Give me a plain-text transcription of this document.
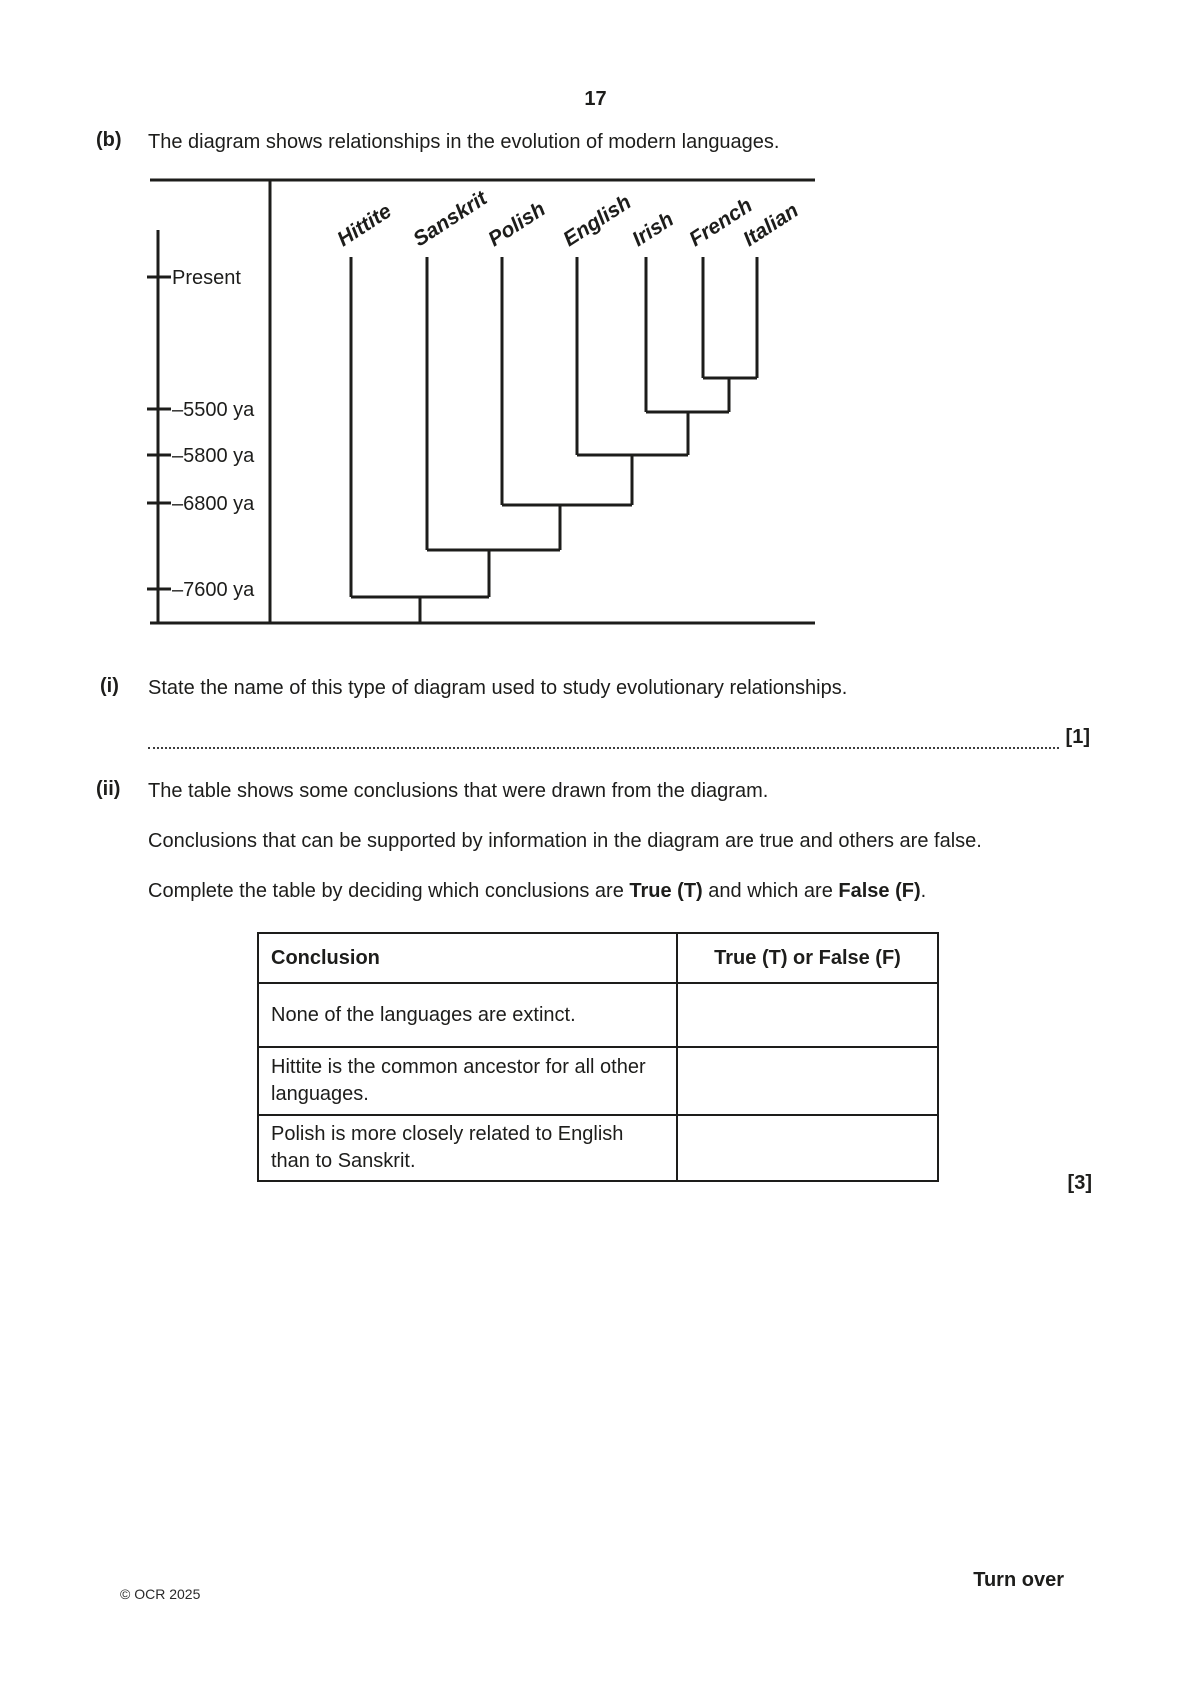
17
(b) The diagram shows relationships in the evolution of modern languages.
Hittite Sanskrit
Polish English
Irish French
Italian
Present
–5500 ya
–5800 ya
–6800 ya
–7600 ya
(i) State the name of this type of diagram used to study evolutionary relationships.
[1]
(ii) The table shows some conclusions that were drawn from the diagram.
Conclusions that can be supported by information in the diagram are true and others are false.
Complete the table by deciding which conclusions are True (T) and which are False (F).
Conclusion	True (T) or False (F)
None of the languages are extinct.	
Hittite is the common ancestor for all other languages.	
Polish is more closely related to English than to Sanskrit.	
[3]
© OCR 2025
Turn over
